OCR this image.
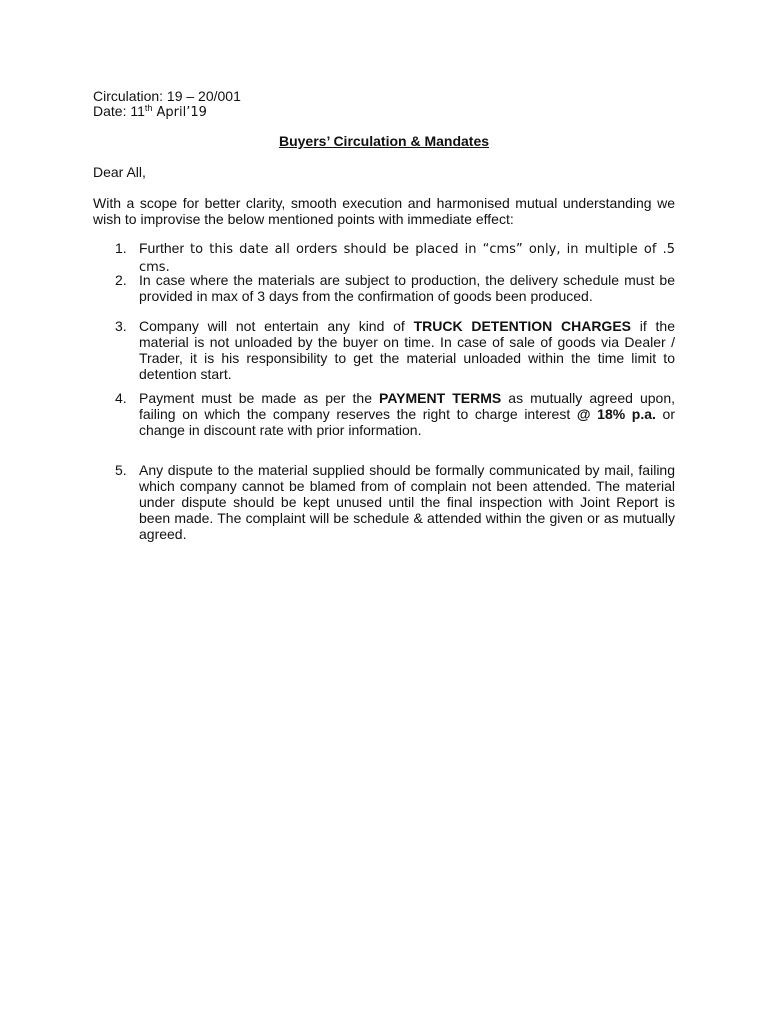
Circulation: 19 – 20/001
Date: 11th April’19
Buyers’ Circulation & Mandates
Dear All,
With a scope for better clarity, smooth execution and harmonised mutual understanding we wish to improvise the below mentioned points with immediate effect:
1. Further to this date all orders should be placed in “cms” only, in multiple of .5 cms.
2. In case where the materials are subject to production, the delivery schedule must be provided in max of 3 days from the confirmation of goods been produced.
3. Company will not entertain any kind of TRUCK DETENTION CHARGES if the material is not unloaded by the buyer on time. In case of sale of goods via Dealer / Trader, it is his responsibility to get the material unloaded within the time limit to detention start.
4. Payment must be made as per the PAYMENT TERMS as mutually agreed upon, failing on which the company reserves the right to charge interest @ 18% p.a. or change in discount rate with prior information.
5. Any dispute to the material supplied should be formally communicated by mail, failing which company cannot be blamed from of complain not been attended. The material under dispute should be kept unused until the final inspection with Joint Report is been made. The complaint will be schedule & attended within the given or as mutually agreed.
